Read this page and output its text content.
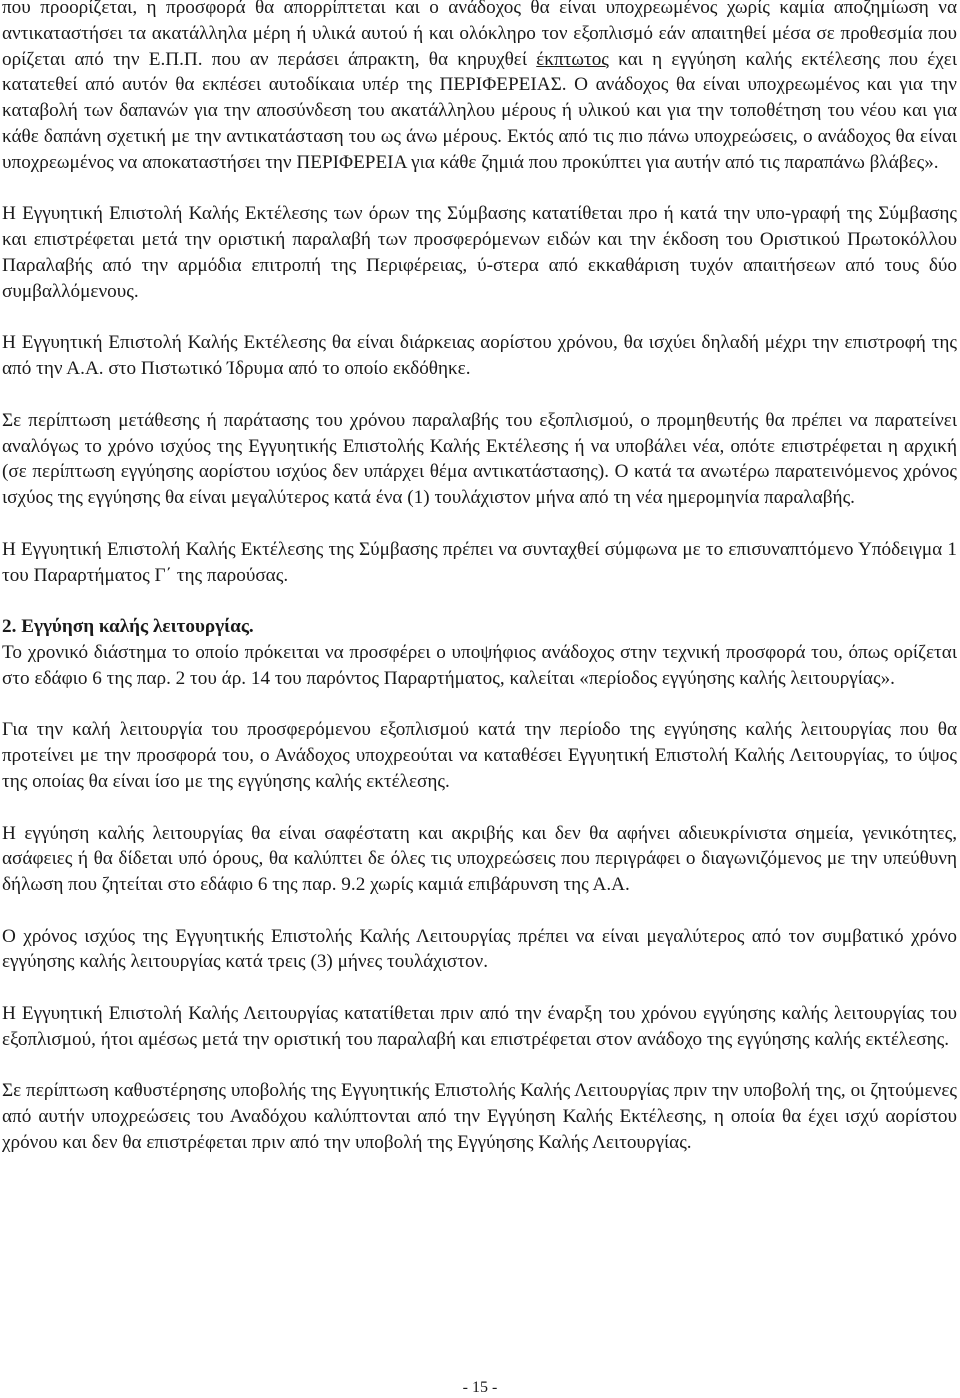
που προορίζεται, η προσφορά θα απορρίπτεται και ο ανάδοχος θα είναι υποχρεωμένος χωρίς καμία αποζημίωση να αντικαταστήσει τα ακατάλληλα μέρη ή υλικά αυτού ή και ολόκληρο τον εξοπλισμό εάν απαιτηθεί μέσα σε προθεσμία που ορίζεται από την Ε.Π.Π. που αν περάσει άπρακτη, θα κηρυχθεί έκπτωτος και η εγγύηση καλής εκτέλεσης που έχει κατατεθεί από αυτόν θα εκπέσει αυτοδίκαια υπέρ της ΠΕΡΙΦΕΡΕΙΑΣ. Ο ανάδοχος θα είναι υποχρεωμένος και για την καταβολή των δαπανών για την αποσύνδεση του ακατάλληλου μέρους ή υλικού και για την τοποθέτηση του νέου και για κάθε δαπάνη σχετική με την αντικατάσταση του ως άνω μέρους. Εκτός από τις πιο πάνω υποχρεώσεις, ο ανάδοχος θα είναι υποχρεωμένος να αποκαταστήσει την ΠΕΡΙΦΕΡΕΙΑ για κάθε ζημιά που προκύπτει για αυτήν από τις παραπάνω βλάβες».

Η Εγγυητική Επιστολή Καλής Εκτέλεσης των όρων της Σύμβασης κατατίθεται προ ή κατά την υπο-γραφή της Σύμβασης και επιστρέφεται μετά την οριστική παραλαβή των προσφερόμενων ειδών και την έκδοση του Οριστικού Πρωτοκόλλου Παραλαβής από την αρμόδια επιτροπή της Περιφέρειας, ύ-στερα από εκκαθάριση τυχόν απαιτήσεων από τους δύο συμβαλλόμενους.

Η Εγγυητική Επιστολή Καλής Εκτέλεσης θα είναι διάρκειας αορίστου χρόνου, θα ισχύει δηλαδή μέχρι την επιστροφή της από την Α.Α. στο Πιστωτικό Ίδρυμα από το οποίο εκδόθηκε.

Σε περίπτωση μετάθεσης ή παράτασης του χρόνου παραλαβής του εξοπλισμού, ο προμηθευτής θα πρέπει να παρατείνει αναλόγως το χρόνο ισχύος της Εγγυητικής Επιστολής Καλής Εκτέλεσης ή να υποβάλει νέα, οπότε επιστρέφεται η αρχική (σε περίπτωση εγγύησης αορίστου ισχύος δεν υπάρχει θέμα αντικατάστασης). Ο κατά τα ανωτέρω παρατεινόμενος χρόνος ισχύος της εγγύησης θα είναι μεγαλύτερος κατά ένα (1) τουλάχιστον μήνα από τη νέα ημερομηνία παραλαβής.

Η Εγγυητική Επιστολή Καλής Εκτέλεσης της Σύμβασης πρέπει να συνταχθεί σύμφωνα με το επισυναπτόμενο Υπόδειγμα 1 του Παραρτήματος Γ΄ της παρούσας.

2. Εγγύηση καλής λειτουργίας.

Το χρονικό διάστημα το οποίο πρόκειται να προσφέρει ο υποψήφιος ανάδοχος στην τεχνική προσφορά του, όπως ορίζεται στο εδάφιο 6 της παρ. 2 του άρ. 14 του παρόντος Παραρτήματος, καλείται «περίοδος εγγύησης καλής λειτουργίας».

Για την καλή λειτουργία του προσφερόμενου εξοπλισμού κατά την περίοδο της εγγύησης καλής λειτουργίας που θα προτείνει με την προσφορά του, ο Ανάδοχος υποχρεούται να καταθέσει Εγγυητική Επιστολή Καλής Λειτουργίας, το ύψος της οποίας θα είναι ίσο με της εγγύησης καλής εκτέλεσης.

Η εγγύηση καλής λειτουργίας θα είναι σαφέστατη και ακριβής και δεν θα αφήνει αδιευκρίνιστα σημεία, γενικότητες, ασάφειες ή θα δίδεται υπό όρους, θα καλύπτει δε όλες τις υποχρεώσεις που περιγράφει ο διαγωνιζόμενος με την υπεύθυνη δήλωση που ζητείται στο εδάφιο 6 της παρ. 9.2 χωρίς καμιά επιβάρυνση της Α.Α.

Ο χρόνος ισχύος της Εγγυητικής Επιστολής Καλής Λειτουργίας πρέπει να είναι μεγαλύτερος από τον συμβατικό χρόνο εγγύησης καλής λειτουργίας κατά τρεις (3) μήνες τουλάχιστον.

Η Εγγυητική Επιστολή Καλής Λειτουργίας κατατίθεται πριν από την έναρξη του χρόνου εγγύησης καλής λειτουργίας του εξοπλισμού, ήτοι αμέσως μετά την οριστική του παραλαβή και επιστρέφεται στον ανάδοχο της εγγύησης καλής εκτέλεσης.

Σε περίπτωση καθυστέρησης υποβολής της Εγγυητικής Επιστολής Καλής Λειτουργίας πριν την υποβολή της, οι ζητούμενες από αυτήν υποχρεώσεις του Αναδόχου καλύπτονται από την Εγγύηση Καλής Εκτέλεσης, η οποία θα έχει ισχύ αορίστου χρόνου και δεν θα επιστρέφεται πριν από την υποβολή της Εγγύησης Καλής Λειτουργίας.

- 15 -
